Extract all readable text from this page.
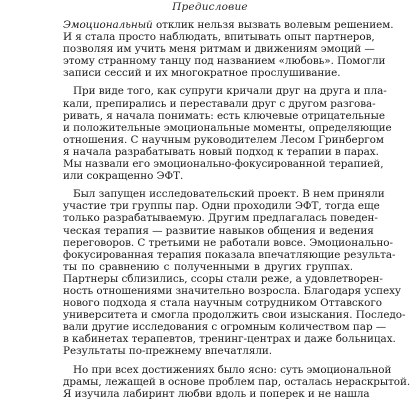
Предисловие
Эмоциональный отклик нельзя вызвать волевым решением.
И я стала просто наблюдать, впитывать опыт партнеров,
позволяя им учить меня ритмам и движениям эмоций —
этому странному танцу под названием «любовь». Помогли
записи сессий и их многократное прослушивание.
При виде того, как супруги кричали друг на друга и пла-
кали, препирались и переставали друг с другом разгова-
ривать, я начала понимать: есть ключевые отрицательные
и положительные эмоциональные моменты, определяющие
отношения. С научным руководителем Лесом Гринбергом
я начала разрабатывать новый подход к терапии в парах.
Мы назвали его эмоционально-фокусированной терапией,
или сокращенно ЭФТ.
Был запущен исследовательский проект. В нем приняли
участие три группы пар. Одни проходили ЭФТ, тогда еще
только разрабатываемую. Другим предлагалась поведен-
ческая терапия — развитие навыков общения и ведения
переговоров. С третьими не работали вовсе. Эмоционально-
фокусированная терапия показала впечатляющие результа-
ты по сравнению с полученными в других группах.
Партнеры сблизились, ссоры стали реже, а удовлетворен-
ность отношениями значительно возросла. Благодаря успеху
нового подхода я стала научным сотрудником Оттавского
университета и смогла продолжить свои изыскания. Последо-
вали другие исследования с огромным количеством пар —
в кабинетах терапевтов, тренинг-центрах и даже больницах.
Результаты по-прежнему впечатляли.
Но при всех достижениях было ясно: суть эмоциональной
драмы, лежащей в основе проблем пар, осталась нераскрытой.
Я изучила лабиринт любви вдоль и поперек и не нашла
